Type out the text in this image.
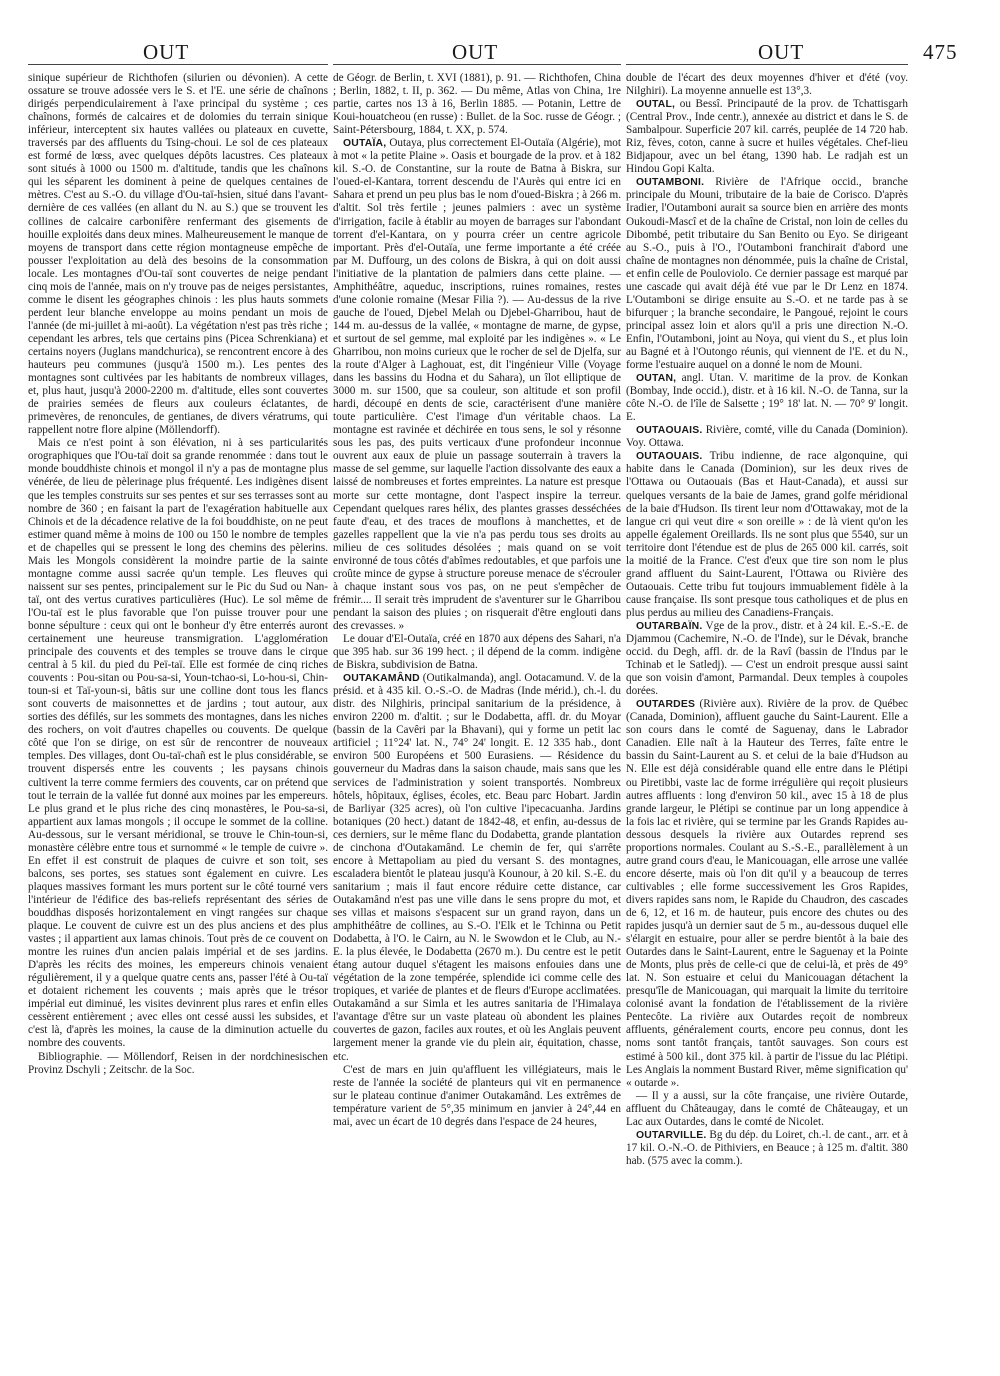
OUT	OUT	OUT	475

sinique supérieur de Richthofen (silurien ou dévonien). A cette ossature se trouve adossée vers le S. et l'E. une série de chaînons dirigés perpendiculairement à l'axe principal du système ; ces chaînons, formés de calcaires et de dolomies du terrain sinique inférieur, interceptent six hautes vallées ou plateaux en cuvette, traversés par des affluents du Tsing-choui. Le sol de ces plateaux est formé de lœss, avec quelques dépôts lacustres. Ces plateaux sont situés à 1000 ou 1500 m. d'altitude, tandis que les chaînons qui les séparent les dominent à peine de quelques centaines de mètres. C'est au S.-O. du village d'Ou-taï-hsien, situé dans l'avant-dernière de ces vallées (en allant du N. au S.) que se trouvent les collines de calcaire carbonifère renfermant des gisements de houille exploités dans deux mines. Malheureusement le manque de moyens de transport dans cette région montagneuse empêche de pousser l'exploitation au delà des besoins de la consommation locale. Les montagnes d'Ou-taï sont couvertes de neige pendant cinq mois de l'année, mais on n'y trouve pas de neiges persistantes, comme le disent les géographes chinois : les plus hauts sommets perdent leur blanche enveloppe au moins pendant un mois de l'année (de mi-juillet à mi-août). La végétation n'est pas très riche ; cependant les arbres, tels que certains pins (Picea Schrenkiana) et certains noyers (Juglans mandchurica), se rencontrent encore à des hauteurs peu communes (jusqu'à 1500 m.). Les pentes des montagnes sont cultivées par les habitants de nombreux villages, et, plus haut, jusqu'à 2000-2200 m. d'altitude, elles sont couvertes de prairies semées de fleurs aux couleurs éclatantes, de primevères, de renoncules, de gentianes, de divers vératrums, qui rappellent notre flore alpine (Möllendorff).

Mais ce n'est point à son élévation, ni à ses particularités orographiques que l'Ou-taï doit sa grande renommée : dans tout le monde bouddhiste chinois et mongol il n'y a pas de montagne plus vénérée, de lieu de pèlerinage plus fréquenté. Les indigènes disent que les temples construits sur ses pentes et sur ses terrasses sont au nombre de 360 ; en faisant la part de l'exagération habituelle aux Chinois et de la décadence relative de la foi bouddhiste, on ne peut estimer quand même à moins de 100 ou 150 le nombre de temples et de chapelles qui se pressent le long des chemins des pèlerins. Mais les Mongols considèrent la moindre partie de la sainte montagne comme aussi sacrée qu'un temple. Les fleuves qui naissent sur ses pentes, principalement sur le Pic du Sud ou Nan-taï, ont des vertus curatives particulières (Huc). Le sol même de l'Ou-taï est le plus favorable que l'on puisse trouver pour une bonne sépulture : ceux qui ont le bonheur d'y être enterrés auront certainement une heureuse transmigration. L'agglomération principale des couvents et des temples se trouve dans le cirque central à 5 kil. du pied du Peï-taï. Elle est formée de cinq riches couvents : Pou-sitan ou Pou-sa-si, Youn-tchao-si, Lo-hou-si, Chin-toun-si et Taï-youn-si, bâtis sur une colline dont tous les flancs sont couverts de maisonnettes et de jardins ; tout autour, aux sorties des défilés, sur les sommets des montagnes, dans les niches des rochers, on voit d'autres chapelles ou couvents. De quelque côté que l'on se dirige, on est sûr de rencontrer de nouveaux temples. Des villages, dont Ou-taï-chañ est le plus considérable, se trouvent dispersés entre les couvents ; les paysans chinois cultivent la terre comme fermiers des couvents, car on prétend que tout le terrain de la vallée fut donné aux moines par les empereurs. Le plus grand et le plus riche des cinq monastères, le Pou-sa-si, appartient aux lamas mongols ; il occupe le sommet de la colline. Au-dessous, sur le versant méridional, se trouve le Chin-toun-si, monastère célèbre entre tous et surnommé « le temple de cuivre ». En effet il est construit de plaques de cuivre et son toit, ses balcons, ses portes, ses statues sont également en cuivre. Les plaques massives formant les murs portent sur le côté tourné vers l'intérieur de l'édifice des bas-reliefs représentant des séries de bouddhas disposés horizontalement en vingt rangées sur chaque plaque. Le couvent de cuivre est un des plus anciens et des plus vastes ; il appartient aux lamas chinois. Tout près de ce couvent on montre les ruines d'un ancien palais impérial et de ses jardins. D'après les récits des moines, les empereurs chinois venaient régulièrement, il y a quelque quatre cents ans, passer l'été à Ou-taï et dotaient richement les couvents ; mais après que le trésor impérial eut diminué, les visites devinrent plus rares et enfin elles cessèrent entièrement ; avec elles ont cessé aussi les subsides, et c'est là, d'après les moines, la cause de la diminution actuelle du nombre des couvents.

Bibliographie. — Möllendorf, Reisen in der nordchinesischen Provinz Dschyli ; Zeitschr. de la Soc.

de Géogr. de Berlin, t. XVI (1881), p. 91. — Richthofen, China ; Berlin, 1882, t. II, p. 362. — Du même, Atlas von China, 1re partie, cartes nos 13 à 16, Berlin 1885. — Potanin, Lettre de Koui-houatcheou (en russe) : Bullet. de la Soc. russe de Géogr. ; Saint-Pétersbourg, 1884, t. XX, p. 574.

OUTAÏA, Outaya, plus correctement El-Outaïa (Algérie), mot à mot « la petite Plaine ». Oasis et bourgade de la prov. et à 182 kil. S.-O. de Constantine, sur la route de Batna à Biskra, sur l'oued-el-Kantara, torrent descendu de l'Aurès qui entre ici en Sahara et prend un peu plus bas le nom d'oued-Biskra ; à 266 m. d'altit. Sol très fertile ; jeunes palmiers : avec un système d'irrigation, facile à établir au moyen de barrages sur l'abondant torrent d'el-Kantara, on y pourra créer un centre agricole important. Près d'el-Outaïa, une ferme importante a été créée par M. Duffourg, un des colons de Biskra, à qui on doit aussi l'initiative de la plantation de palmiers dans cette plaine. — Amphithéâtre, aqueduc, inscriptions, ruines romaines, restes d'une colonie romaine (Mesar Filia ?). — Au-dessus de la rive gauche de l'oued, Djebel Melah ou Djebel-Gharribou, haut de 144 m. au-dessus de la vallée, « montagne de marne, de gypse, et surtout de sel gemme, mal exploité par les indigènes ». « Le Gharribou, non moins curieux que le rocher de sel de Djelfa, sur la route d'Alger à Laghouat, est, dit l'ingénieur Ville (Voyage dans les bassins du Hodna et du Sahara), un îlot elliptique de 3000 m. sur 1500, que sa couleur, son altitude et son profil hardi, découpé en dents de scie, caractérisent d'une manière toute particulière. C'est l'image d'un véritable chaos. La montagne est ravinée et déchirée en tous sens, le sol y résonne sous les pas, des puits verticaux d'une profondeur inconnue ouvrent aux eaux de pluie un passage souterrain à travers la masse de sel gemme, sur laquelle l'action dissolvante des eaux a laissé de nombreuses et fortes empreintes. La nature est presque morte sur cette montagne, dont l'aspect inspire la terreur. Cependant quelques rares hélix, des plantes grasses desséchées faute d'eau, et des traces de mouflons à manchettes, et de gazelles rappellent que la vie n'a pas perdu tous ses droits au milieu de ces solitudes désolées ; mais quand on se voit environné de tous côtés d'abîmes redoutables, et que parfois une croûte mince de gypse à structure poreuse menace de s'écrouler à chaque instant sous vos pas, on ne peut s'empêcher de frémir.... Il serait très imprudent de s'aventurer sur le Gharribou pendant la saison des pluies ; on risquerait d'être englouti dans des crevasses. »

Le douar d'El-Outaïa, créé en 1870 aux dépens des Sahari, n'a que 395 hab. sur 36 199 hect. ; il dépend de la comm. indigène de Biskra, subdivision de Batna.

OUTAKAMÂND (Outikalmanda), angl. Ootacamund. V. de la présid. et à 435 kil. O.-S.-O. de Madras (Inde mérid.), ch.-l. du distr. des Nilghiris, principal sanitarium de la présidence, à environ 2200 m. d'altit. ; sur le Dodabetta, affl. dr. du Moyar (bassin de la Cavêri par la Bhavani), qui y forme un petit lac artificiel ; 11°24' lat. N., 74° 24' longit. E. 12 335 hab., dont environ 500 Européens et 500 Eurasiens. — Résidence du gouverneur du Madras dans la saison chaude, mais sans que les services de l'administration y soient transportés. Nombreux hôtels, hôpitaux, églises, écoles, etc. Beau parc Hobart. Jardin de Barliyar (325 acres), où l'on cultive l'ipecacuanha. Jardins botaniques (20 hect.) datant de 1842-48, et enfin, au-dessus de ces derniers, sur le même flanc du Dodabetta, grande plantation de cinchona d'Outakamând. Le chemin de fer, qui s'arrête encore à Mettapoliam au pied du versant S. des montagnes, escaladera bientôt le plateau jusqu'à Kounour, à 20 kil. S.-E. du sanitarium ; mais il faut encore réduire cette distance, car Outakamând n'est pas une ville dans le sens propre du mot, et ses villas et maisons s'espacent sur un grand rayon, dans un amphithéâtre de collines, au S.-O. l'Elk et le Tchinna ou Petit Dodabetta, à l'O. le Cairn, au N. le Swowdon et le Club, au N.-E. la plus élevée, le Dodabetta (2670 m.). Du centre est le petit étang autour duquel s'étagent les maisons enfouies dans une végétation de la zone tempérée, splendide ici comme celle des tropiques, et variée de plantes et de fleurs d'Europe acclimatées. Outakamând a sur Simla et les autres sanitaria de l'Himalaya l'avantage d'être sur un vaste plateau où abondent les plaines couvertes de gazon, faciles aux routes, et où les Anglais peuvent largement mener la grande vie du plein air, équitation, chasse, etc.

C'est de mars en juin qu'affluent les villégiateurs, mais le reste de l'année la société de planteurs qui vit en permanence sur le plateau continue d'animer Outakamând. Les extrêmes de température varient de 5°,35 minimum en janvier à 24°,44 en mai, avec un écart de 10 degrés dans l'espace de 24 heures,

double de l'écart des deux moyennes d'hiver et d'été (voy. Nilghiri). La moyenne annuelle est 13°,3.

OUTAL, ou Bessî. Principauté de la prov. de Tchattisgarh (Central Prov., Inde centr.), annexée au district et dans le S. de Sambalpour. Superficie 207 kil. carrés, peuplée de 14 720 hab. Riz, fèves, coton, canne à sucre et huiles végétales. Chef-lieu Bidjapour, avec un bel étang, 1390 hab. Le radjah est un Hindou Gopi Kalta.

OUTAMBONI. Rivière de l'Afrique occid., branche principale du Mouni, tributaire de la baie de Corisco. D'après Iradier, l'Outamboni aurait sa source bien en arrière des monts Oukoudi-Mascî et de la chaîne de Cristal, non loin de celles du Dibombé, petit tributaire du San Benito ou Eyo. Se dirigeant au S.-O., puis à l'O., l'Outamboni franchirait d'abord une chaîne de montagnes non dénommée, puis la chaîne de Cristal, et enfin celle de Pouloviolo. Ce dernier passage est marqué par une cascade qui avait déjà été vue par le Dr Lenz en 1874. L'Outamboni se dirige ensuite au S.-O. et ne tarde pas à se bifurquer ; la branche secondaire, le Pangoué, rejoint le cours principal assez loin et alors qu'il a pris une direction N.-O. Enfin, l'Outamboni, joint au Noya, qui vient du S., et plus loin au Bagné et à l'Outongo réunis, qui viennent de l'E. et du N., forme l'estuaire auquel on a donné le nom de Mouni.

OUTAN, angl. Utan. V. maritime de la prov. de Konkan (Bombay, Inde occid.), distr. et à 16 kil. N.-O. de Tanna, sur la côte N.-O. de l'île de Salsette ; 19° 18' lat. N. — 70° 9' longit. E.

OUTAOUAIS. Rivière, comté, ville du Canada (Dominion). Voy. Ottawa.

OUTAOUAIS. Tribu indienne, de race algonquine, qui habite dans le Canada (Dominion), sur les deux rives de l'Ottawa ou Outaouais (Bas et Haut-Canada), et aussi sur quelques versants de la baie de James, grand golfe méridional de la baie d'Hudson. Ils tirent leur nom d'Ottawakay, mot de la langue cri qui veut dire « son oreille » : de là vient qu'on les appelle également Oreillards. Ils ne sont plus que 5540, sur un territoire dont l'étendue est de plus de 265 000 kil. carrés, soit la moitié de la France. C'est d'eux que tire son nom le plus grand affluent du Saint-Laurent, l'Ottawa ou Rivière des Outaouais. Cette tribu fut toujours immuablement fidèle à la cause française. Ils sont presque tous catholiques et de plus en plus perdus au milieu des Canadiens-Français.

OUTARBAÏN. Vge de la prov., distr. et à 24 kil. E.-S.-E. de Djammou (Cachemire, N.-O. de l'Inde), sur le Dévak, branche occid. du Degh, affl. dr. de la Ravî (bassin de l'Indus par le Tchinab et le Satledj). — C'est un endroit presque aussi saint que son voisin d'amont, Parmandal. Deux temples à coupoles dorées.

OUTARDES (Rivière aux). Rivière de la prov. de Québec (Canada, Dominion), affluent gauche du Saint-Laurent. Elle a son cours dans le comté de Saguenay, dans le Labrador Canadien. Elle naît à la Hauteur des Terres, faîte entre le bassin du Saint-Laurent au S. et celui de la baie d'Hudson au N. Elle est déjà considérable quand elle entre dans le Plétipi ou Piretibbi, vaste lac de forme irrégulière qui reçoit plusieurs autres affluents : long d'environ 50 kil., avec 15 à 18 de plus grande largeur, le Plétipi se continue par un long appendice à la fois lac et rivière, qui se termine par les Grands Rapides au-dessous desquels la rivière aux Outardes reprend ses proportions normales. Coulant au S.-S.-E., parallèlement à un autre grand cours d'eau, le Manicouagan, elle arrose une vallée encore déserte, mais où l'on dit qu'il y a beaucoup de terres cultivables ; elle forme successivement les Gros Rapides, divers rapides sans nom, le Rapide du Chaudron, des cascades de 6, 12, et 16 m. de hauteur, puis encore des chutes ou des rapides jusqu'à un dernier saut de 5 m., au-dessous duquel elle s'élargit en estuaire, pour aller se perdre bientôt à la baie des Outardes dans le Saint-Laurent, entre le Saguenay et la Pointe de Monts, plus près de celle-ci que de celui-là, et près de 49° lat. N. Son estuaire et celui du Manicouagan détachent la presqu'île de Manicouagan, qui marquait la limite du territoire colonisé avant la fondation de l'établissement de la rivière Pentecôte. La rivière aux Outardes reçoit de nombreux affluents, généralement courts, encore peu connus, dont les noms sont tantôt français, tantôt sauvages. Son cours est estimé à 500 kil., dont 375 kil. à partir de l'issue du lac Plétipi. Les Anglais la nomment Bustard River, même signification qu' « outarde ».

— Il y a aussi, sur la côte française, une rivière Outarde, affluent du Châteaugay, dans le comté de Châteaugay, et un Lac aux Outardes, dans le comté de Nicolet.

OUTARVILLE. Bg du dép. du Loiret, ch.-l. de cant., arr. et à 17 kil. O.-N.-O. de Pithiviers, en Beauce ; à 125 m. d'altit. 380 hab. (575 avec la comm.).
